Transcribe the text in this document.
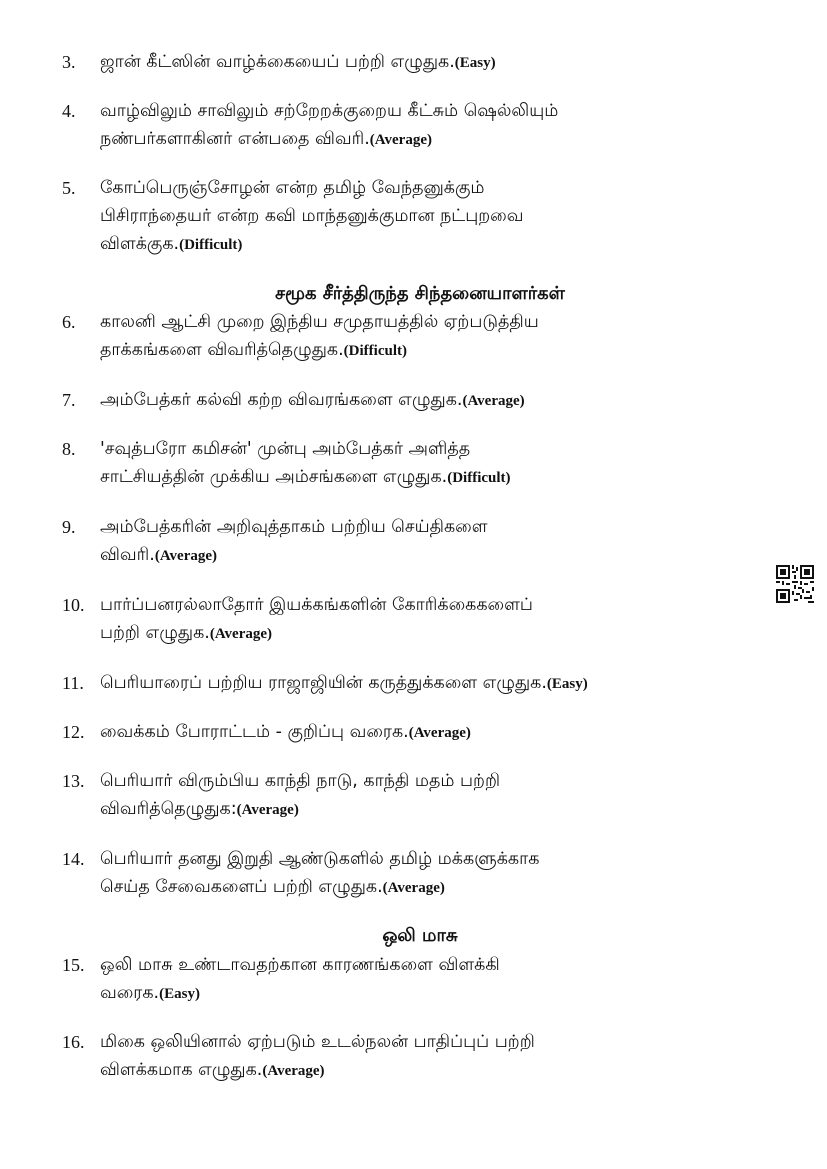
3.	ஜான் கீட்ஸின் வாழ்க்கையைப் பற்றி எழுதுக.(Easy)
4.	வாழ்விலும் சாவிலும் சற்றேறக்குறைய கீட்சும் ஷெல்லியும்
நண்பர்களாகினர் என்பதை விவரி.(Average)
5.	கோப்பெருஞ்சோழன் என்ற தமிழ் வேந்தனுக்கும்
பிசிராந்தையர் என்ற கவி மாந்தனுக்குமான நட்புறவை
விளக்குக.(Difficult)
சமூக சீர்த்திருந்த சிந்தனையாளர்கள்
6.	காலனி ஆட்சி முறை இந்திய சமுதாயத்தில் ஏற்படுத்திய
தாக்கங்களை விவரித்தெழுதுக.(Difficult)
7.	அம்பேத்கர் கல்வி கற்ற விவரங்களை எழுதுக.(Average)
8.	'சவுத்பரோ கமிசன்' முன்பு அம்பேத்கர் அளித்த
சாட்சியத்தின் முக்கிய அம்சங்களை எழுதுக.(Difficult)
9.	அம்பேத்கரின் அறிவுத்தாகம் பற்றிய செய்திகளை
விவரி.(Average)
10. பார்ப்பனரல்லாதோர் இயக்கங்களின் கோரிக்கைகளைப்
பற்றி எழுதுக.(Average)
11. பெரியாரைப் பற்றிய ராஜாஜியின் கருத்துக்களை எழுதுக.(Easy)
12. வைக்கம் போராட்டம் - குறிப்பு வரைக.(Average)
13. பெரியார் விரும்பிய காந்தி நாடு, காந்தி மதம் பற்றி
விவரித்தெழுதுக:(Average)
14. பெரியார் தனது இறுதி ஆண்டுகளில் தமிழ் மக்களுக்காக
செய்த சேவைகளைப் பற்றி எழுதுக.(Average)
ஒலி மாசு
15. ஒலி மாசு உண்டாவதற்கான காரணங்களை விளக்கி
வரைக.(Easy)
16. மிகை ஒலியினால் ஏற்படும் உடல்நலன் பாதிப்புப் பற்றி
விளக்கமாக எழுதுக.(Average)
